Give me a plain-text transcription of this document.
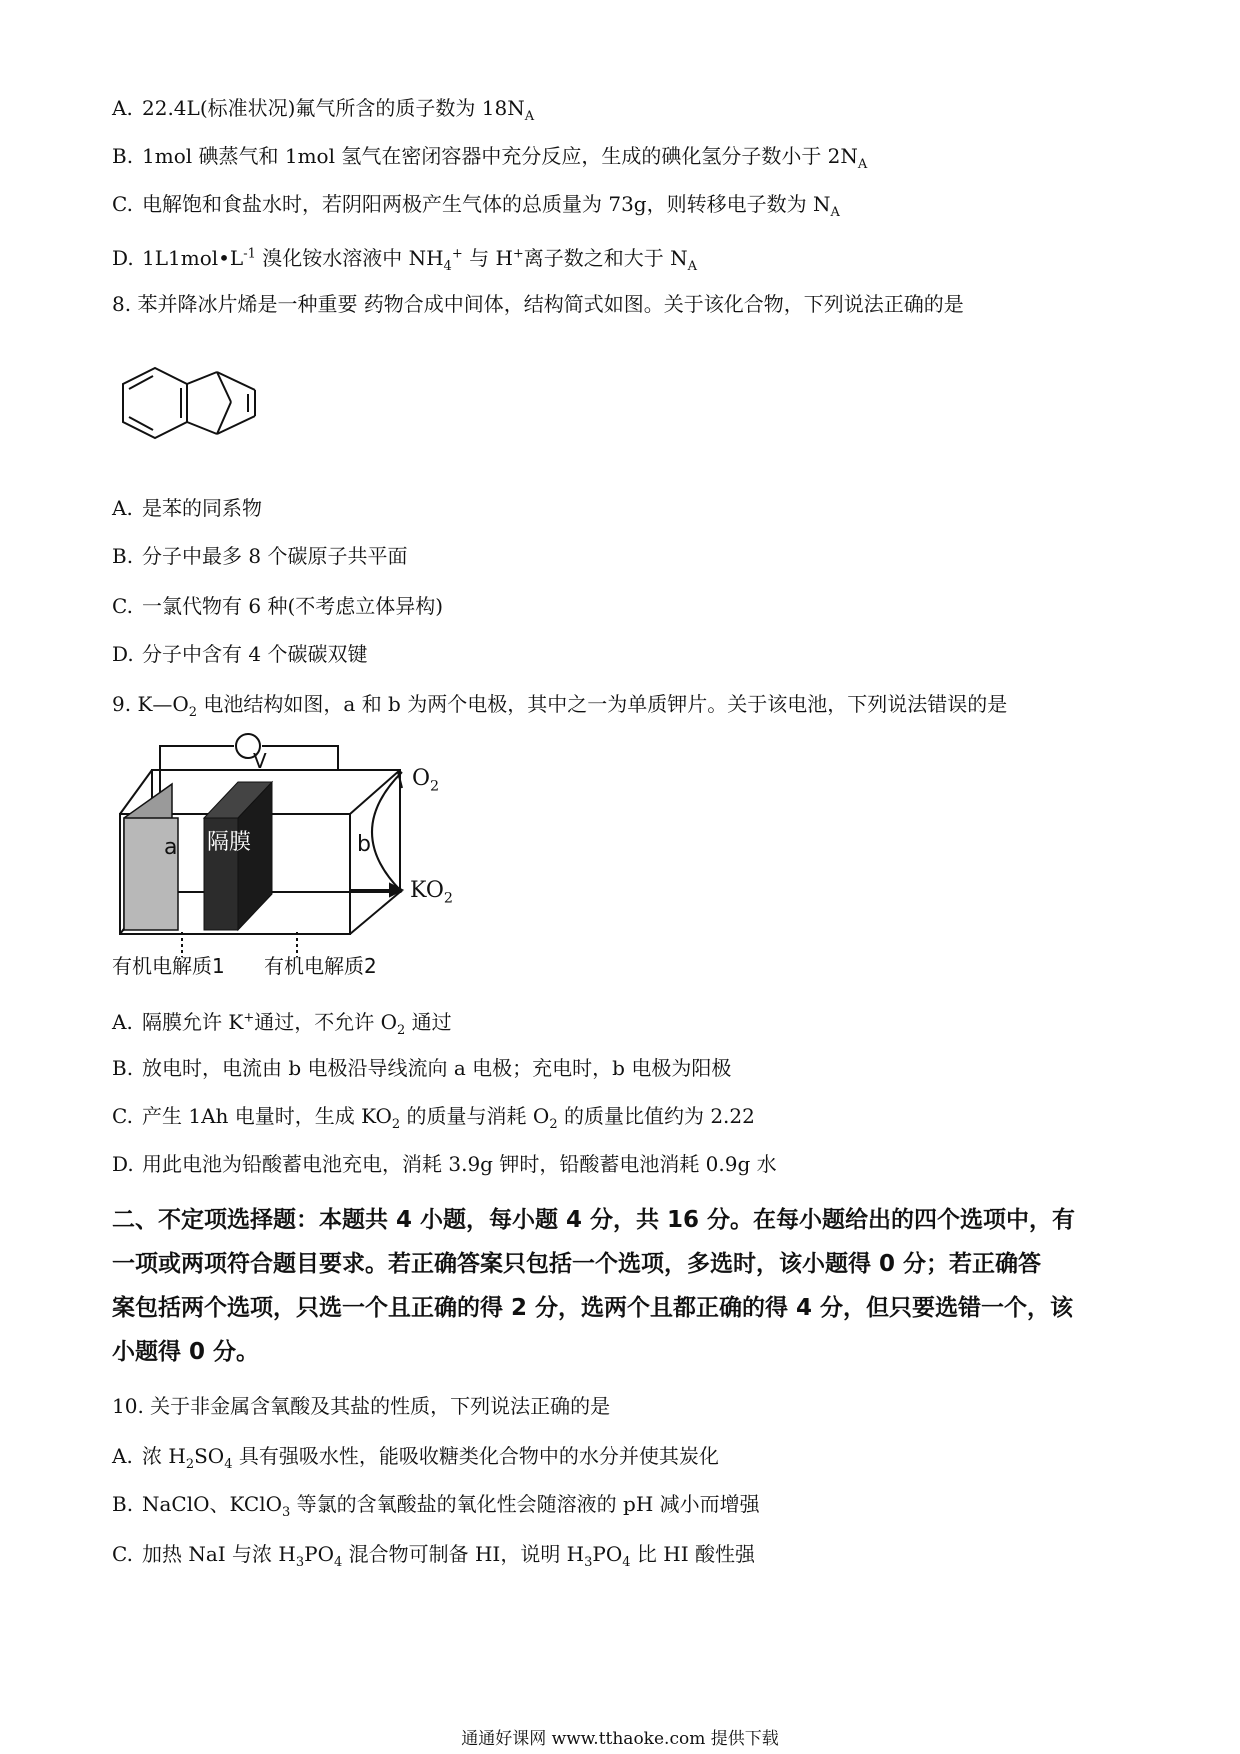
A. 22.4L(标准状况)氟气所含的质子数为 $18N_A$
B. 1mol 碘蒸气和 1mol 氢气在密闭容器中充分反应，生成的碘化氢分子数小于 $2N_A$
C. 电解饱和食盐水时，若阴阳两极产生气体的总质量为 73g，则转移电子数为 $N_A$
D. $1L1mol•L^{-1}$ 溴化铵水溶液中 $NH_4^+$ 与 H+离子数之和大于 $N_A$
8. 苯并降冰片烯是一种重要 药物合成中间体，结构简式如图。关于该化合物，下列说法正确的是
A. 是苯的同系物
B. 分子中最多 8 个碳原子共平面
C. 一氯代物有 6 种(不考虑立体异构)
D. 分子中含有 4 个碳碳双键
9. $K—O_2$ 电池结构如图，a 和 b 为两个电极，其中之一为单质钾片。关于该电池，下列说法错误的是
V
a 隔膜	b
$O_2$
$KO_2$
有机电解质1 有机电解质2
A. 隔膜允许 K+通过，不允许 $O_2$ 通过
B. 放电时，电流由 b 电极沿导线流向 a 电极；充电时，b 电极为阳极
C. 产生 1Ah 电量时，生成 $KO_2$ 的质量与消耗 $O_2$ 的质量比值约为 2.22
D. 用此电池为铅酸蓄电池充电，消耗 3.9g 钾时，铅酸蓄电池消耗 0.9g 水
二、不定项选择题：本题共 4 小题，每小题 4 分，共 16 分。在每小题给出的四个选项中，有
一项或两项符合题目要求。若正确答案只包括一个选项，多选时，该小题得 0 分；若正确答
案包括两个选项，只选一个且正确的得 2 分，选两个且都正确的得 4 分，但只要选错一个，该
小题得 0 分。
10. 关于非金属含氧酸及其盐的性质，下列说法正确的是
A. 浓 $H_2SO_4$ 具有强吸水性，能吸收糖类化合物中的水分并使其炭化
B. NaClO、KClO$_3$ 等氯的含氧酸盐的氧化性会随溶液的 pH 减小而增强
C. 加热 NaI 与浓 $H_3PO_4$ 混合物可制备 HI，说明 $H_3PO_4$ 比 HI 酸性强
通通好课网 www.tthaoke.com 提供下载
